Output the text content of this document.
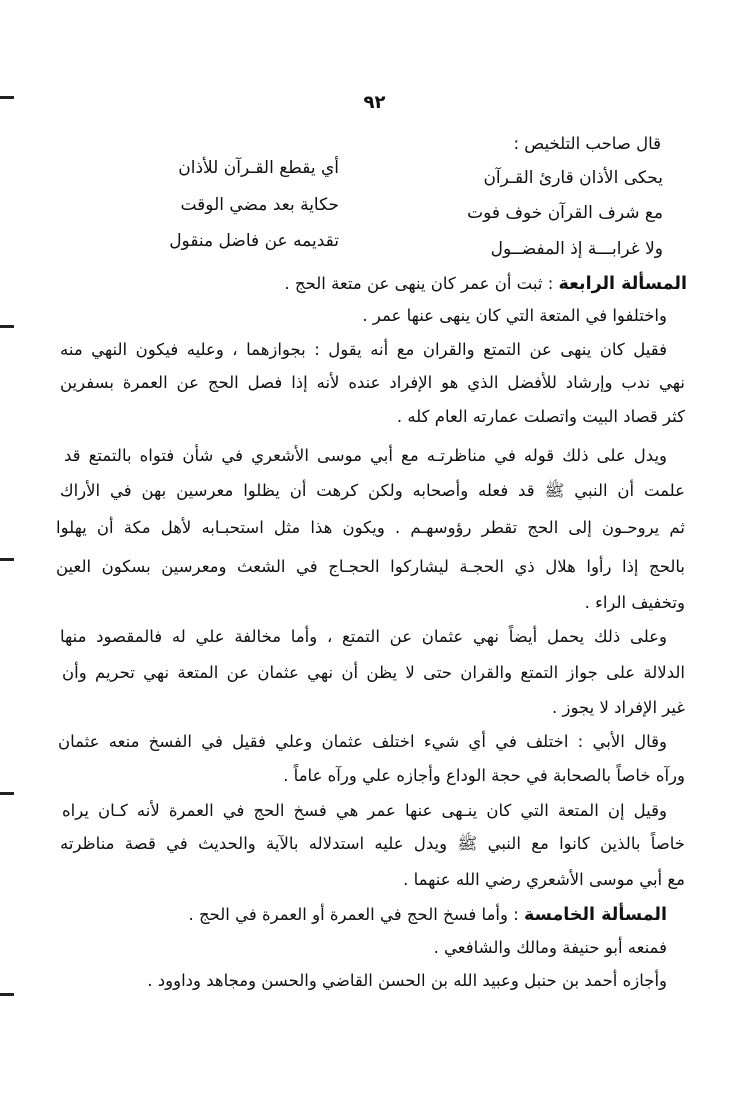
٩٢
قال صاحب التلخيص :
يحكى الأذان قارئ القـرآن
أي يقطع القـرآن للأذان
مع شرف القرآن خوف فوت
حكاية بعد مضي الوقت
ولا غرابـــة إذ المفضــول
تقديمه عن فاضل منقول
المسألة الرابعة : ثبت أن عمر كان ينهى عن متعة الحج .
واختلفوا في المتعة التي كان ينهى عنها عمر .
فقيل كان ينهى عن التمتع والقران مع أنه يقول : بجوازهما ، وعليه فيكون النهي منه
نهي ندب وإرشاد للأفضل الذي هو الإفراد عنده لأنه إذا فصل الحج عن العمرة بسفرين
كثر قصاد البيت واتصلت عمارته العام كله .
ويدل على ذلك قوله في مناظرتـه مع أبي موسى الأشعري في شأن فتواه بالتمتع قد
علمت أن النبي ﷺ قد فعله وأصحابه ولكن كرهت أن يظلوا معرسين بهن في الأراك
ثم يروحـون إلى الحج تقطر رؤوسهـم . ويكون هذا مثل استحبـابه لأهل مكة أن يهلوا
بالحج إذا رأوا هلال ذي الحجـة ليشاركوا الحجـاج في الشعث ومعرسين بسكون العين
وتخفيف الراء .
وعلى ذلك يحمل أيضاً نهي عثمان عن التمتع ، وأما مخالفة علي له فالمقصود منها
الدلالة على جواز التمتع والقران حتى لا يظن أن نهي عثمان عن المتعة نهي تحريم وأن
غير الإفراد لا يجوز .
وقال الأبي : اختلف في أي شيء اختلف عثمان وعلي فقيل في الفسخ منعه عثمان
ورآه خاصاً بالصحابة في حجة الوداع وأجازه علي ورآه عاماً .
وقيل إن المتعة التي كان ينـهى عنها عمر هي فسخ الحج في العمرة لأنه كـان يراه
خاصاً بالذين كانوا مع النبي ﷺ ويدل عليه استدلاله بالآية والحديث في قصة مناظرته
مع أبي موسى الأشعري رضي الله عنهما .
المسألة الخامسة : وأما فسخ الحج في العمرة أو العمرة في الحج .
فمنعه أبو حنيفة ومالك والشافعي .
وأجازه أحمد بن حنبل وعبيد الله بن الحسن القاضي والحسن ومجاهد وداوود .
